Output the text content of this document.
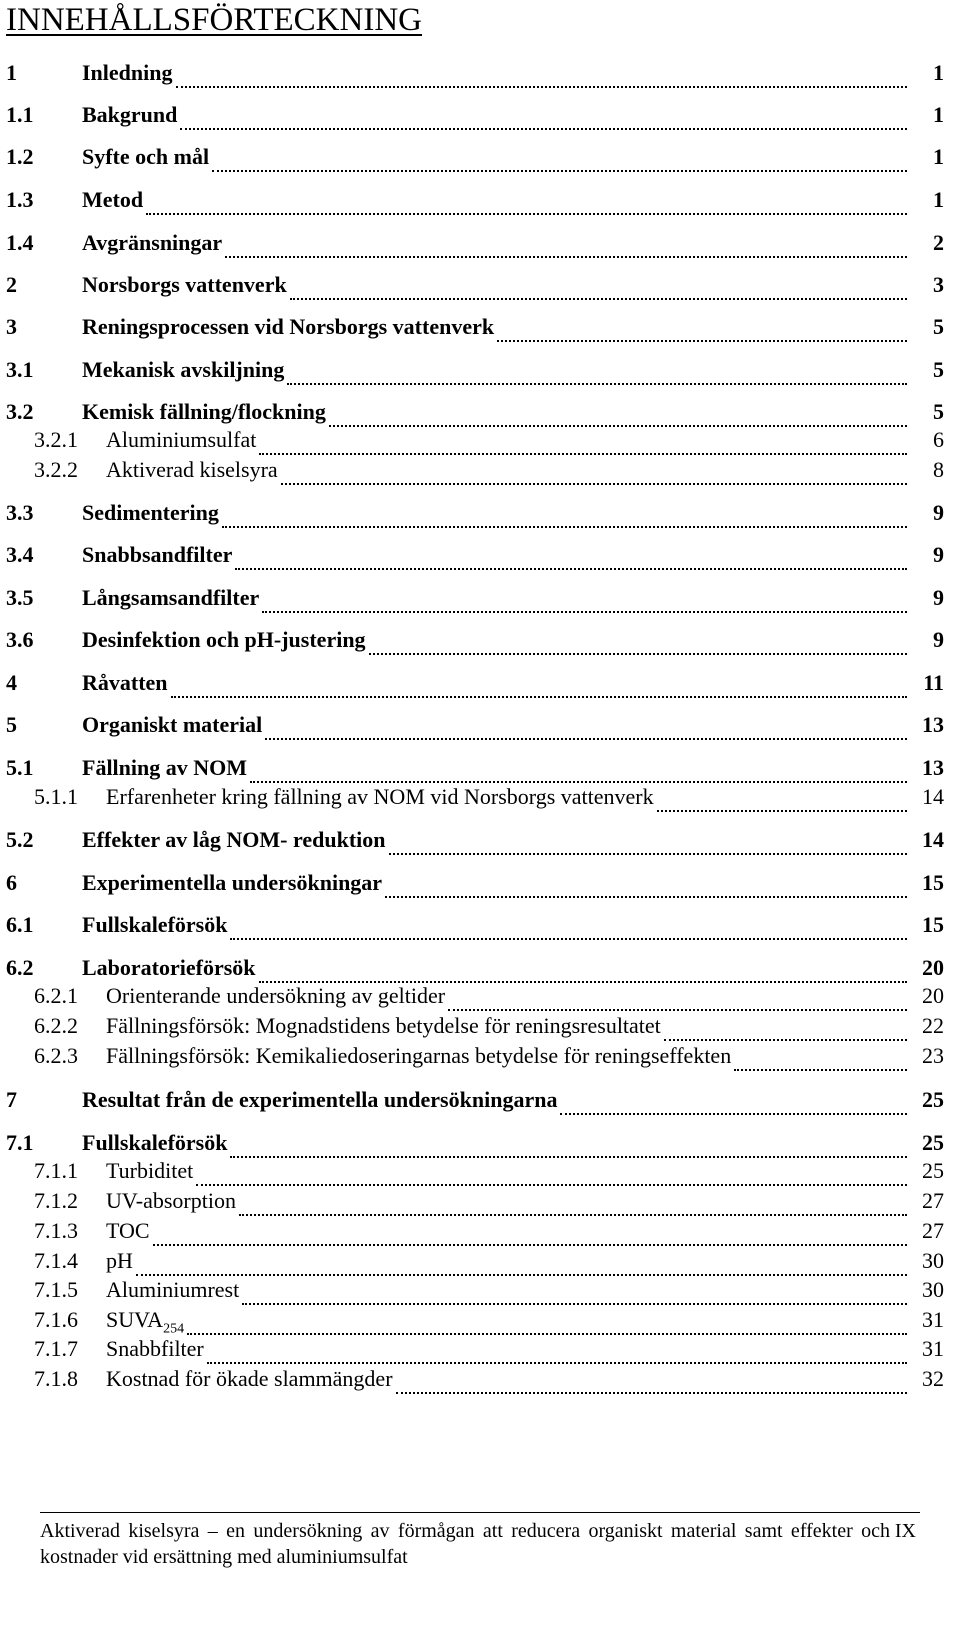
INNEHÅLLSFÖRTECKNING
1	Inledning	1
1.1 Bakgrund	1
1.2 Syfte och mål	1
1.3 Metod	1
1.4 Avgränsningar	2
2	Norsborgs vattenverk	3
3	Reningsprocessen vid Norsborgs vattenverk	5
3.1 Mekanisk avskiljning	5
3.2 Kemisk fällning/flockning	5
3.2.1 Aluminiumsulfat	6
3.2.2 Aktiverad kiselsyra	8
3.3 Sedimentering	9
3.4 Snabbsandfilter	9
3.5 Långsamsandfilter	9
3.6 Desinfektion och pH-justering	9
4	Råvatten	11
5	Organiskt material	13
5.1 Fällning av NOM	13
5.1.1 Erfarenheter kring fällning av NOM vid Norsborgs vattenverk	14
5.2 Effekter av låg NOM- reduktion	14
6	Experimentella undersökningar	15
6.1 Fullskaleförsök	15
6.2 Laboratorieförsök	20
6.2.1 Orienterande undersökning av geltider	20
6.2.2 Fällningsförsök: Mognadstidens betydelse för reningsresultatet	22
6.2.3 Fällningsförsök: Kemikaliedoseringarnas betydelse för reningseffekten	23
7	Resultat från de experimentella undersökningarna	25
7.1 Fullskaleförsök	25
7.1.1 Turbiditet	25
7.1.2 UV-absorption	27
7.1.3 TOC	27
7.1.4 pH	30
7.1.5 Aluminiumrest	30
7.1.6 $SUVA_{254}$	31
7.1.7 Snabbfilter	31
7.1.8 Kostnad för ökade slammängder	32
Aktiverad kiselsyra – en undersökning av förmågan att reducera organiskt material samt effekter och kostnader vid ersättning med aluminiumsulfat
IX
